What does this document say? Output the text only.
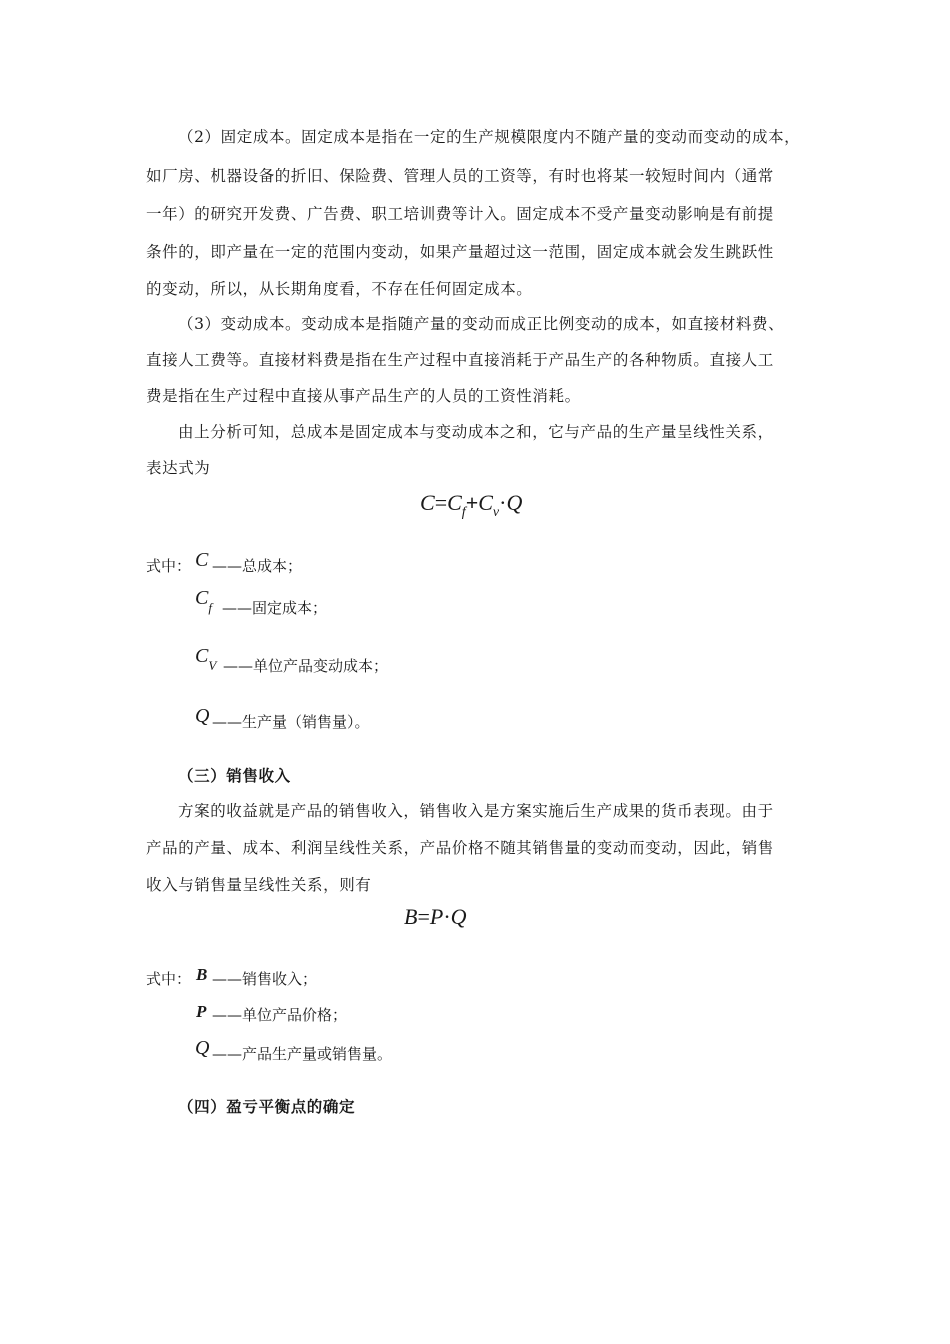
（2）固定成本。固定成本是指在一定的生产规模限度内不随产量的变动而变动的成本，
如厂房、机器设备的折旧、保险费、管理人员的工资等，有时也将某一较短时间内（通常
一年）的研究开发费、广告费、职工培训费等计入。固定成本不受产量变动影响是有前提
条件的，即产量在一定的范围内变动，如果产量超过这一范围，固定成本就会发生跳跃性
的变动，所以，从长期角度看，不存在任何固定成本。
（3）变动成本。变动成本是指随产量的变动而成正比例变动的成本，如直接材料费、
直接人工费等。直接材料费是指在生产过程中直接消耗于产品生产的各种物质。直接人工
费是指在生产过程中直接从事产品生产的人员的工资性消耗。
由上分析可知，总成本是固定成本与变动成本之和，它与产品的生产量呈线性关系，
表达式为
$C=C_f+C_v\cdot Q$
式中： C ——总成本；
$C_f$ ——固定成本；
$C_V$ ——单位产品变动成本；
Q ——生产量（销售量）。
（三）销售收入
方案的收益就是产品的销售收入，销售收入是方案实施后生产成果的货币表现。由于
产品的产量、成本、利润呈线性关系，产品价格不随其销售量的变动而变动，因此，销售
收入与销售量呈线性关系，则有
B=P·Q
式中： B ——销售收入；
P ——单位产品价格；
Q ——产品生产量或销售量。
（四）盈亏平衡点的确定
